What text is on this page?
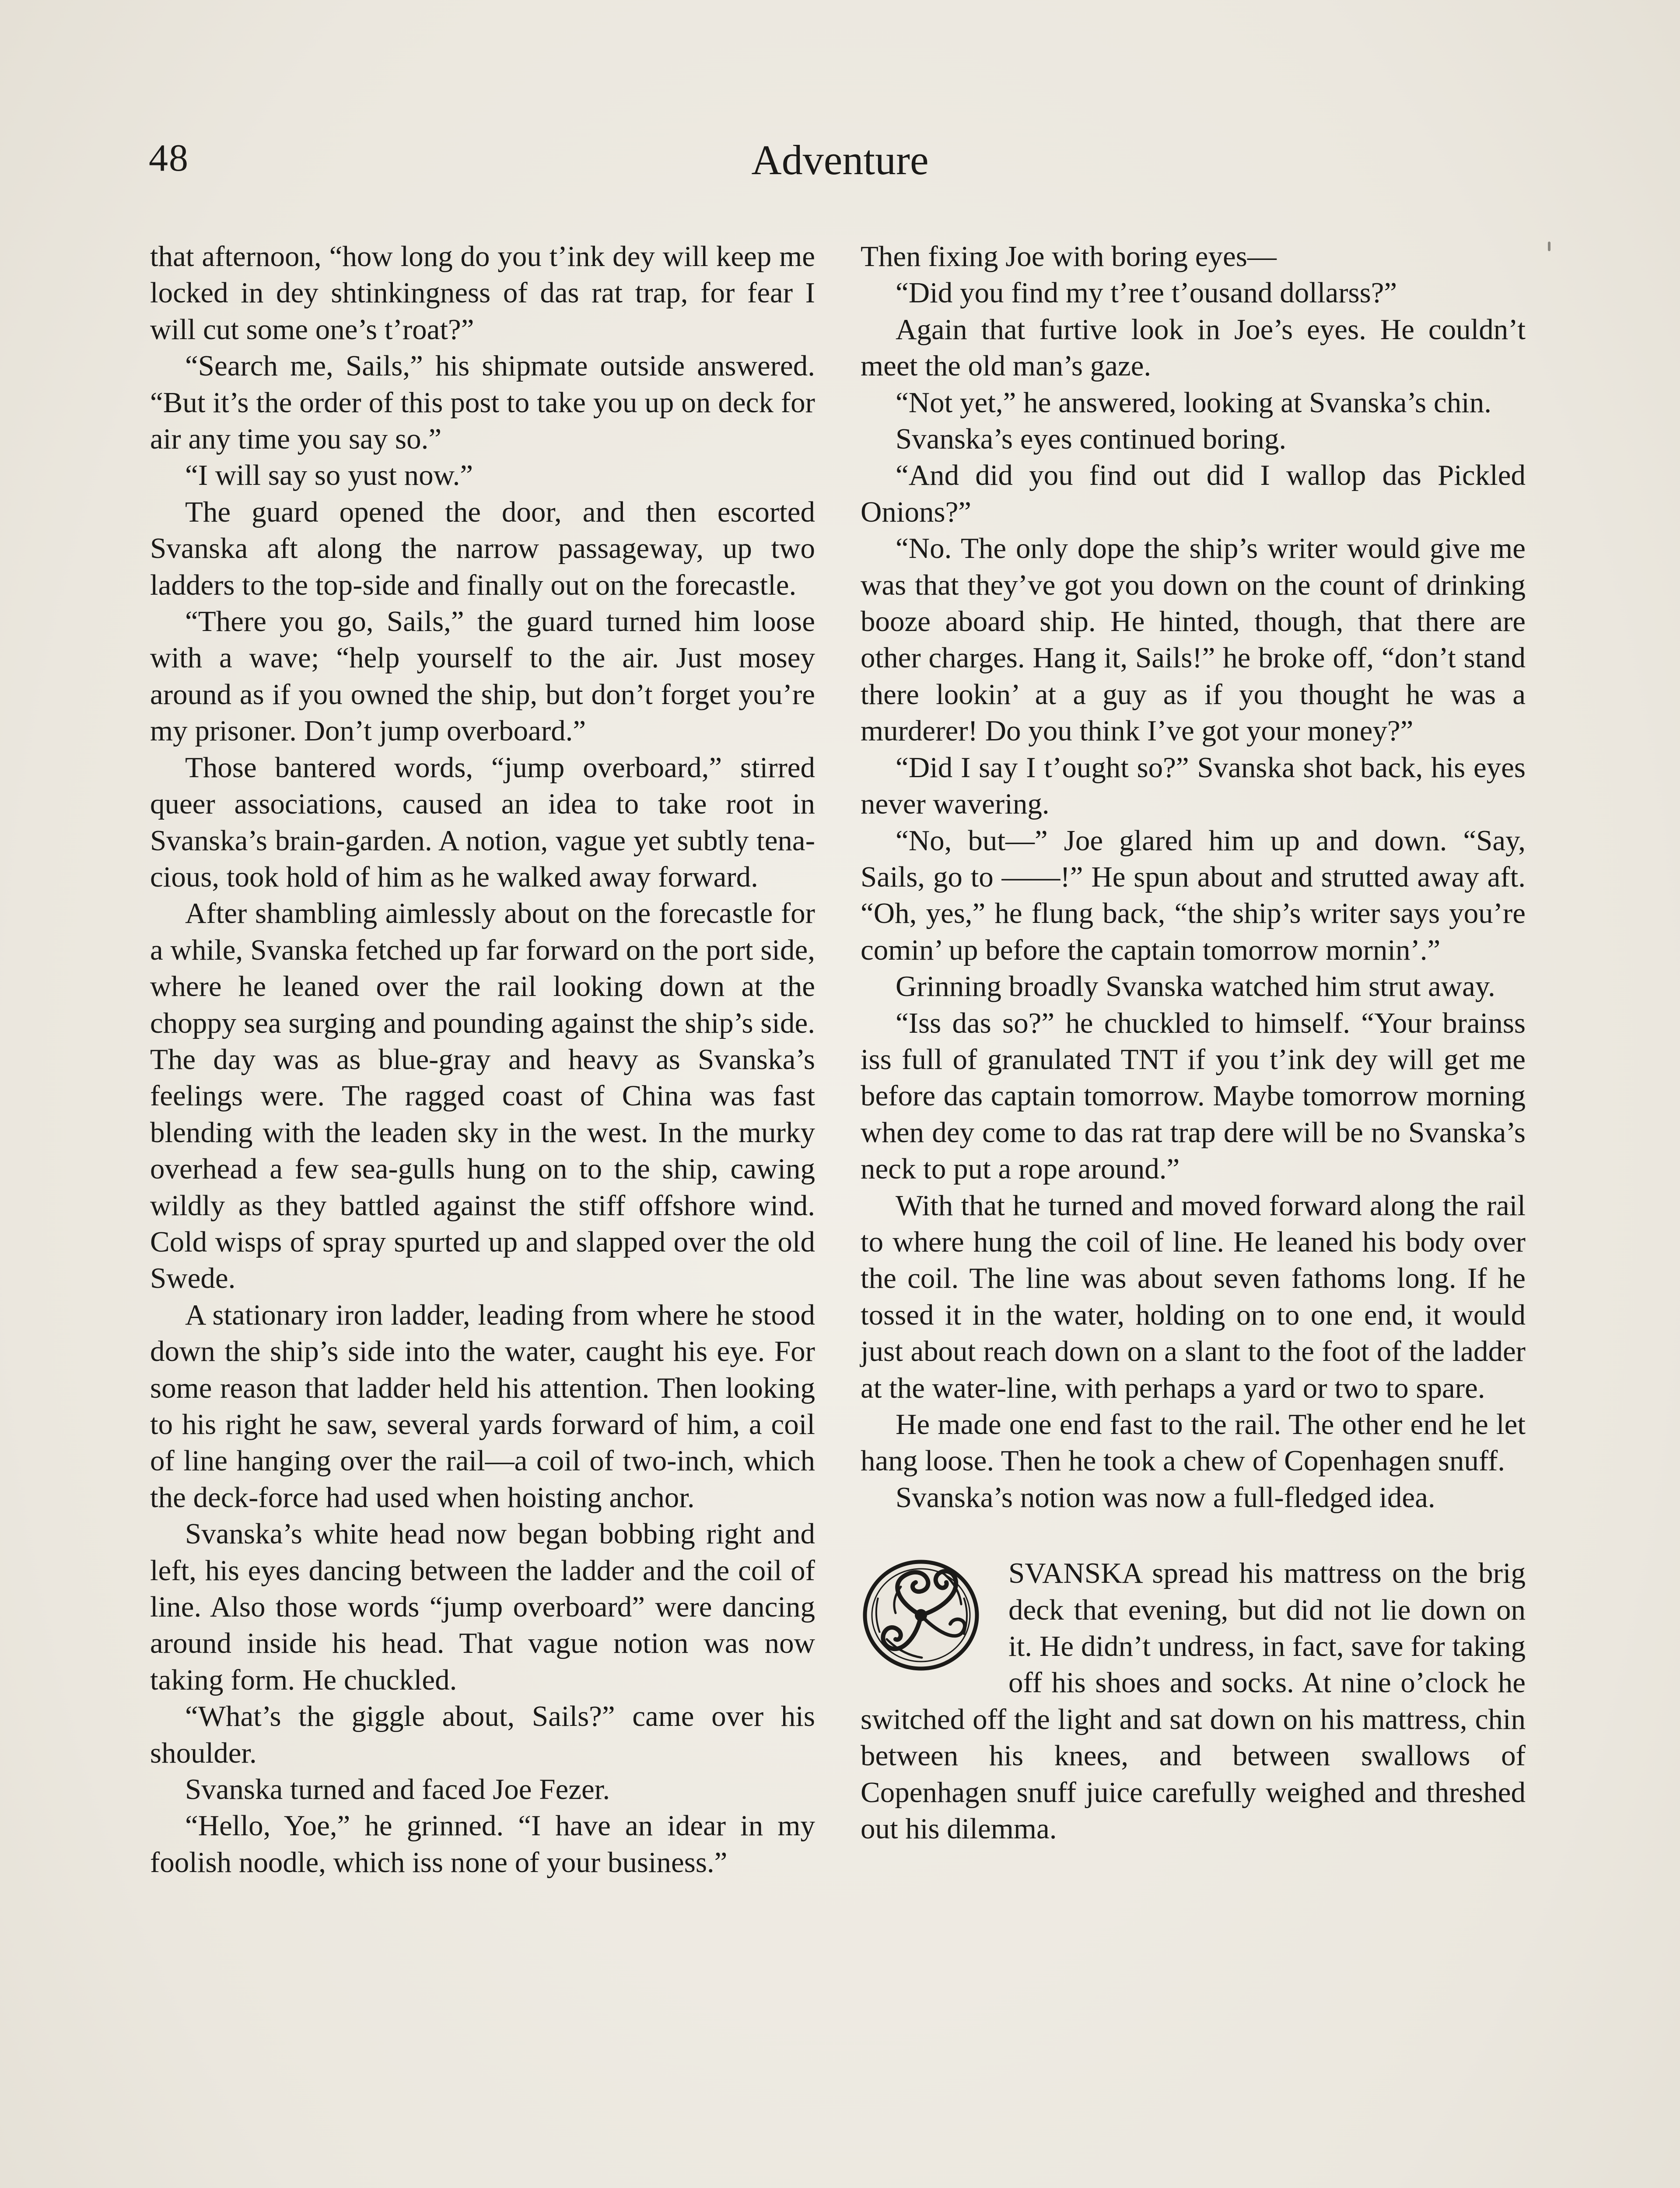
48	Adventure

that afternoon, “how long do you t’ink dey will keep me locked in dey shtinkingness of das rat trap, for fear I will cut some one’s t’roat?”

“Search me, Sails,” his shipmate outside answered. “But it’s the order of this post to take you up on deck for air any time you say so.”

“I will say so yust now.”

The guard opened the door, and then escorted Svanska aft along the narrow passageway, up two ladders to the top-side and finally out on the forecastle.

“There you go, Sails,” the guard turned him loose with a wave; “help yourself to the air. Just mosey around as if you owned the ship, but don’t forget you’re my prisoner. Don’t jump overboard.”

Those bantered words, “jump overboard,” stirred queer associations, caused an idea to take root in Svanska’s brain-garden. A notion, vague yet subtly tenacious, took hold of him as he walked away forward.

After shambling aimlessly about on the forecastle for a while, Svanska fetched up far forward on the port side, where he leaned over the rail looking down at the choppy sea surging and pounding against the ship’s side. The day was as blue-gray and heavy as Svanska’s feelings were. The ragged coast of China was fast blending with the leaden sky in the west. In the murky overhead a few sea-gulls hung on to the ship, cawing wildly as they battled against the stiff offshore wind. Cold wisps of spray spurted up and slapped over the old Swede.

A stationary iron ladder, leading from where he stood down the ship’s side into the water, caught his eye. For some reason that ladder held his attention. Then looking to his right he saw, several yards forward of him, a coil of line hanging over the rail—a coil of two-inch, which the deck-force had used when hoisting anchor.

Svanska’s white head now began bobbing right and left, his eyes dancing between the ladder and the coil of line. Also those words “jump overboard” were dancing around inside his head. That vague notion was now taking form. He chuckled.

“What’s the giggle about, Sails?” came over his shoulder.

Svanska turned and faced Joe Fezer.

“Hello, Yoe,” he grinned. “I have an idear in my foolish noodle, which iss none of your business.”

Then fixing Joe with boring eyes—

“Did you find my t’ree t’ousand dollarss?”

Again that furtive look in Joe’s eyes. He couldn’t meet the old man’s gaze.

“Not yet,” he answered, looking at Svanska’s chin.

Svanska’s eyes continued boring.

“And did you find out did I wallop das Pickled Onions?”

“No. The only dope the ship’s writer would give me was that they’ve got you down on the count of drinking booze aboard ship. He hinted, though, that there are other charges. Hang it, Sails!” he broke off, “don’t stand there lookin’ at a guy as if you thought he was a murderer! Do you think I’ve got your money?”

“Did I say I t’ought so?” Svanska shot back, his eyes never wavering.

“No, but—” Joe glared him up and down. “Say, Sails, go to ——!” He spun about and strutted away aft. “Oh, yes,” he flung back, “the ship’s writer says you’re comin’ up before the captain tomorrow mornin’.”

Grinning broadly Svanska watched him strut away.

“Iss das so?” he chuckled to himself. “Your brainss iss full of granulated TNT if you t’ink dey will get me before das captain tomorrow. Maybe tomorrow morning when dey come to das rat trap dere will be no Svanska’s neck to put a rope around.”

With that he turned and moved forward along the rail to where hung the coil of line. He leaned his body over the coil. The line was about seven fathoms long. If he tossed it in the water, holding on to one end, it would just about reach down on a slant to the foot of the ladder at the water-line, with perhaps a yard or two to spare.

He made one end fast to the rail. The other end he let hang loose. Then he took a chew of Copenhagen snuff.

Svanska’s notion was now a full-fledged idea.

SVANSKA spread his mattress on the brig deck that evening, but did not lie down on it. He didn’t undress, in fact, save for taking off his shoes and socks. At nine o’clock he switched off the light and sat down on his mattress, chin between his knees, and between swallows of Copenhagen snuff juice carefully weighed and threshed out his dilemma.
